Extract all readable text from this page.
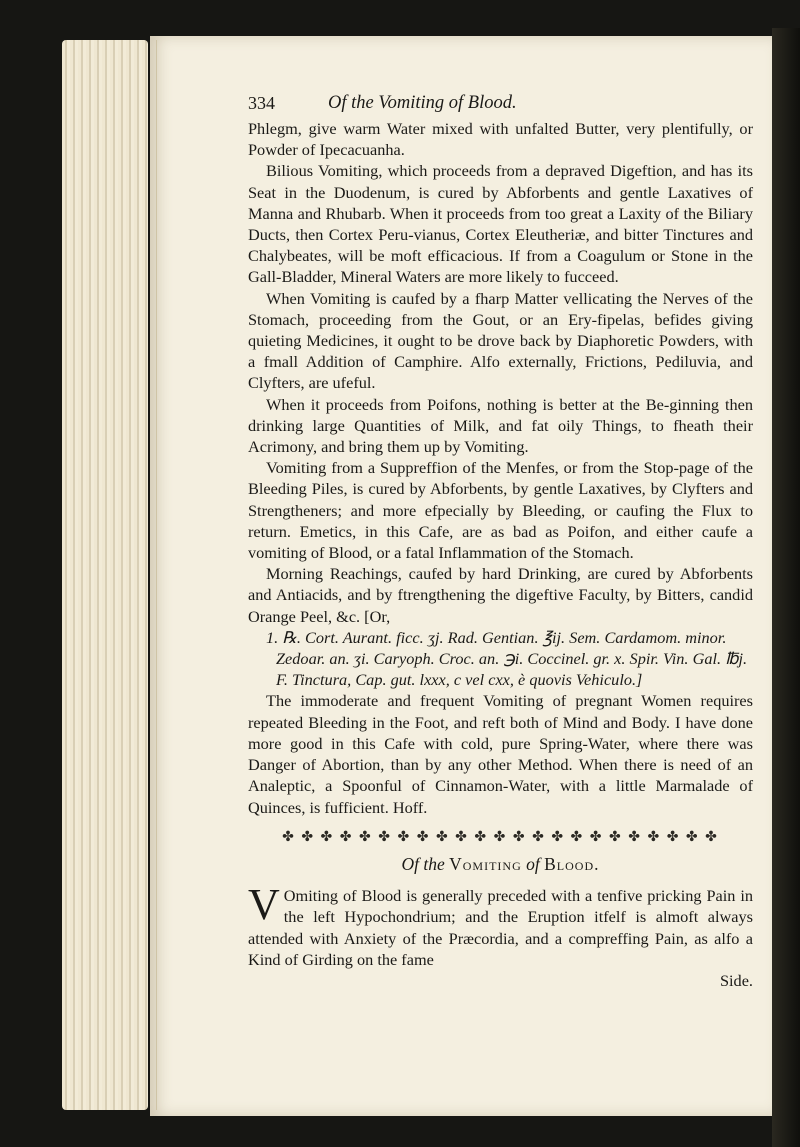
334	Of the Vomiting of Blood.

Phlegm, give warm Water mixed with unfalted Butter, very plentifully, or Powder of Ipecacuanha.

Bilious Vomiting, which proceeds from a depraved Digeftion, and has its Seat in the Duodenum, is cured by Abforbents and gentle Laxatives of Manna and Rhubarb. When it proceeds from too great a Laxity of the Biliary Ducts, then Cortex Peru-vianus, Cortex Eleutheriæ, and bitter Tinctures and Chalybeates, will be moft efficacious. If from a Coagulum or Stone in the Gall-Bladder, Mineral Waters are more likely to fucceed.

When Vomiting is caufed by a fharp Matter vellicating the Nerves of the Stomach, proceeding from the Gout, or an Ery-fipelas, befides giving quieting Medicines, it ought to be drove back by Diaphoretic Powders, with a fmall Addition of Camphire. Alfo externally, Frictions, Pediluvia, and Clyfters, are ufeful.

When it proceeds from Poifons, nothing is better at the Be-ginning then drinking large Quantities of Milk, and fat oily Things, to fheath their Acrimony, and bring them up by Vomiting.

Vomiting from a Suppreffion of the Menfes, or from the Stop-page of the Bleeding Piles, is cured by Abforbents, by gentle Laxatives, by Clyfters and Strengtheners; and more efpecially by Bleeding, or caufing the Flux to return. Emetics, in this Cafe, are as bad as Poifon, and either caufe a vomiting of Blood, or a fatal Inflammation of the Stomach.

Morning Reachings, caufed by hard Drinking, are cured by Abforbents and Antiacids, and by ftrengthening the digeftive Faculty, by Bitters, candid Orange Peel, &c. [Or,

1. ℞. Cort. Aurant. ficc. ʒj. Rad. Gentian. ℥ij. Sem. Cardamom. minor. Zedoar. an. ʒi. Caryoph. Croc. an. ℈i. Coccinel. gr. x. Spir. Vin. Gal. ℔j. F. Tinctura, Cap. gut. lxxx, c vel cxx, è quovis Vehiculo.]

The immoderate and frequent Vomiting of pregnant Women requires repeated Bleeding in the Foot, and reft both of Mind and Body. I have done more good in this Cafe with cold, pure Spring-Water, where there was Danger of Abortion, than by any other Method. When there is need of an Analeptic, a Spoonful of Cinnamon-Water, with a little Marmalade of Quinces, is fufficient. Hoff.

✤ ✤ ✤ ✤ ✤ ✤ ✤ ✤ ✤ ✤ ✤ ✤ ✤ ✤ ✤ ✤ ✤ ✤ ✤ ✤ ✤ ✤ ✤
Of the Vomiting of Blood.

V Omiting of Blood is generally preceded with a tenfive pricking Pain in the left Hypochondrium; and the Eruption itfelf is almoft always attended with Anxiety of the Præcordia, and a compreffing Pain, as alfo a Kind of Girding on the fame

Side.
